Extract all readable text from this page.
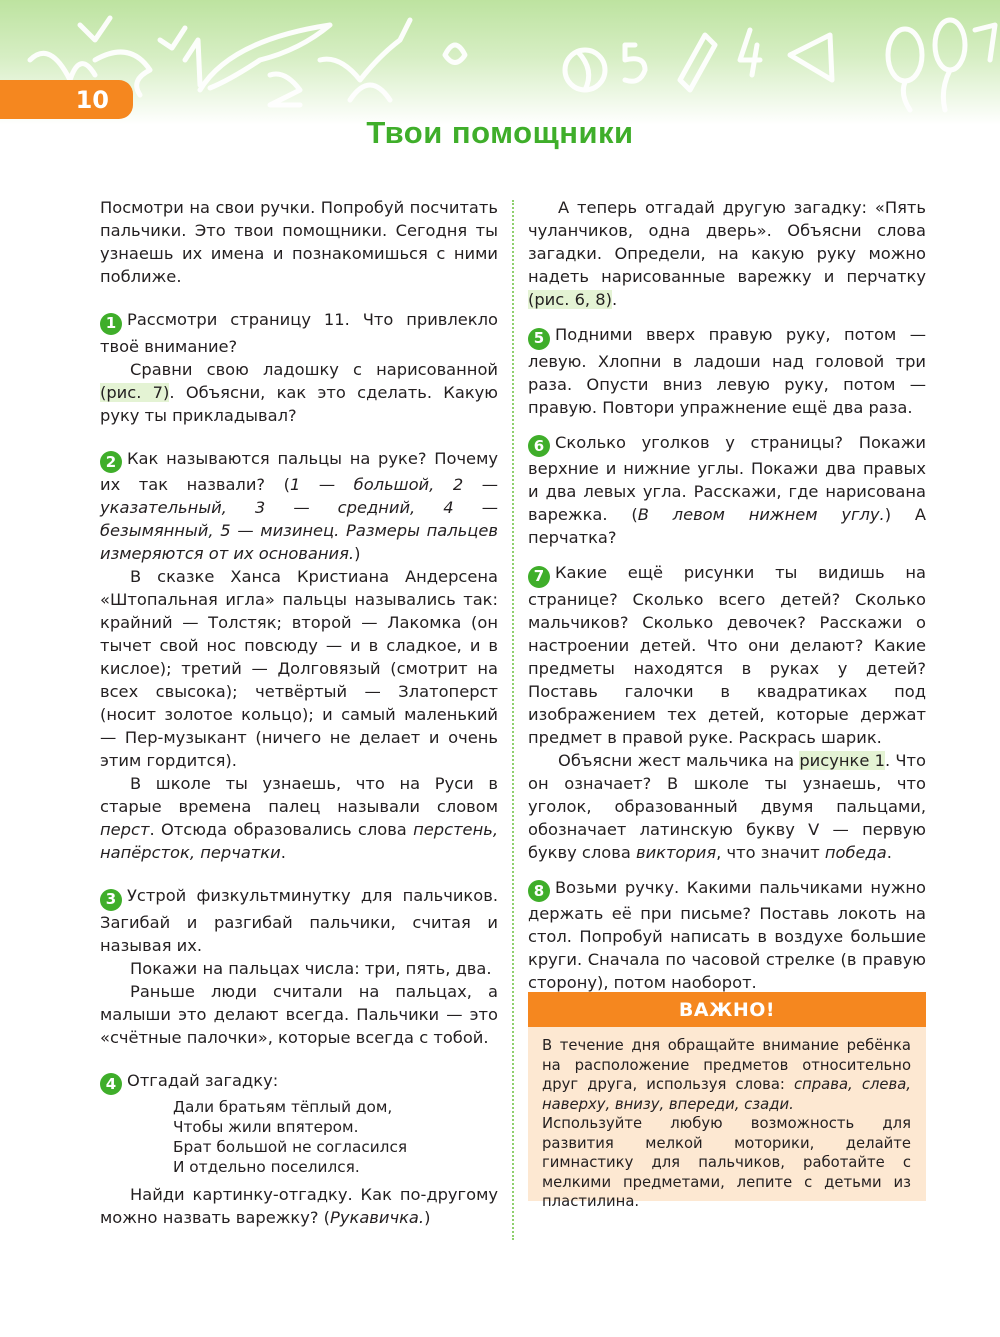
10
Твои помощники

Посмотри на свои ручки. Попробуй посчитать пальчики. Это твои помощники. Сегодня ты узнаешь их имена и познакомишься с ними поближе.

1 Рассмотри страницу 11. Что привлекло твоё внимание?

Сравни свою ладошку с нарисованной (рис. 7). Объясни, как это сделать. Какую руку ты прикладывал?

2 Как называются пальцы на руке? Почему их так назвали? (1 — большой, 2 — указательный, 3 — средний, 4 — безымянный, 5 — мизинец. Размеры пальцев измеряются от их основания.)

В сказке Ханса Кристиана Андерсена «Штопальная игла» пальцы назывались так: крайний — Толстяк; второй — Лакомка (он тычет свой нос повсюду — и в сладкое, и в кислое); третий — Долговязый (смотрит на всех свысока); четвёртый — Златоперст (носит золотое кольцо); и самый маленький — Пер-музыкант (ничего не делает и очень этим гордится).

В школе ты узнаешь, что на Руси в старые времена палец называли словом перст. Отсюда образовались слова перстень, напёрсток, перчатки.

3 Устрой физкультминутку для пальчиков. Загибай и разгибай пальчики, считая и называя их.

Покажи на пальцах числа: три, пять, два.

Раньше люди считали на пальцах, а малыши это делают всегда. Пальчики — это «счётные палочки», которые всегда с тобой.

4 Отгадай загадку:

Дали братьям тёплый дом,
Чтобы жили впятером.
Брат большой не согласился
И отдельно поселился.

Найди картинку-отгадку. Как по-другому можно назвать варежку? (Рукавичка.)

А теперь отгадай другую загадку: «Пять чуланчиков, одна дверь». Объясни слова загадки. Определи, на какую руку можно надеть нарисованные варежку и перчатку (рис. 6, 8).

5 Подними вверх правую руку, потом — левую. Хлопни в ладоши над головой три раза. Опусти вниз левую руку, потом — правую. Повтори упражнение ещё два раза.

6 Сколько уголков у страницы? Покажи верхние и нижние углы. Покажи два правых и два левых угла. Расскажи, где нарисована варежка. (В левом нижнем углу.) А перчатка?

7 Какие ещё рисунки ты видишь на странице? Сколько всего детей? Сколько мальчиков? Сколько девочек? Расскажи о настроении детей. Что они делают? Какие предметы находятся в руках у детей? Поставь галочки в квадратиках под изображением тех детей, которые держат предмет в правой руке. Раскрась шарик.

Объясни жест мальчика на рисунке 1. Что он означает? В школе ты узнаешь, что уголок, образованный двумя пальцами, обозначает латинскую букву V — первую букву слова виктория, что значит победа.

8 Возьми ручку. Какими пальчиками нужно держать её при письме? Поставь локоть на стол. Попробуй написать в воздухе большие круги. Сначала по часовой стрелке (в правую сторону), потом наоборот.

ВАЖНО!

В течение дня обращайте внимание ребёнка на расположение предметов относительно друг друга, используя слова: справа, слева, наверху, внизу, впереди, сзади.

Используйте любую возможность для развития мелкой моторики, делайте гимнастику для пальчиков, работайте с мелкими предметами, лепите с детьми из пластилина.
